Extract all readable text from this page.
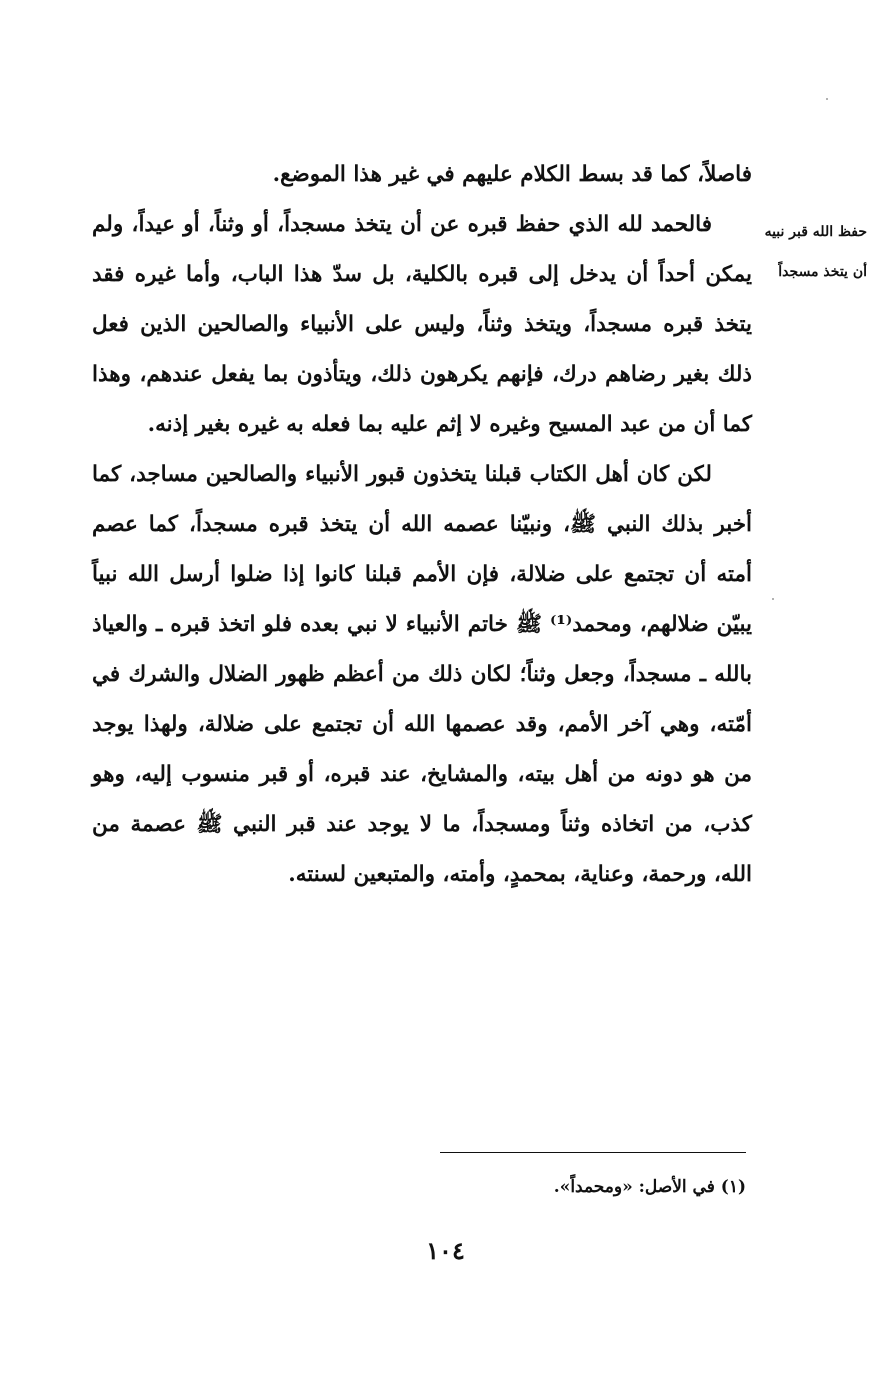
حفظ الله قبر نبيه
أن يتخذ مسجداً

فاصلاً، كما قد بسط الكلام عليهم في غير هذا الموضع.

فالحمد لله الذي حفظ قبره عن أن يتخذ مسجداً، أو وثناً، أو عيداً، ولم يمكن أحداً أن يدخل إلى قبره بالكلية، بل سدّ هذا الباب، وأما غيره فقد يتخذ قبره مسجداً، ويتخذ وثناً، وليس على الأنبياء والصالحين الذين فعل ذلك بغير رضاهم درك، فإنهم يكرهون ذلك، ويتأذون بما يفعل عندهم، وهذا كما أن من عبد المسيح وغيره لا إثم عليه بما فعله به غيره بغير إذنه.

لكن كان أهل الكتاب قبلنا يتخذون قبور الأنبياء والصالحين مساجد، كما أخبر بذلك النبي ﷺ، ونبيّنا عصمه الله أن يتخذ قبره مسجداً، كما عصم أمته أن تجتمع على ضلالة، فإن الأمم قبلنا كانوا إذا ضلوا أرسل الله نبياً يبيّن ضلالهم، ومحمد⁽¹⁾ ﷺ خاتم الأنبياء لا نبي بعده فلو اتخذ قبره ـ والعياذ بالله ـ مسجداً، وجعل وثناً؛ لكان ذلك من أعظم ظهور الضلال والشرك في أمّته، وهي آخر الأمم، وقد عصمها الله أن تجتمع على ضلالة، ولهذا يوجد من هو دونه من أهل بيته، والمشايخ، عند قبره، أو قبر منسوب إليه، وهو كذب، من اتخاذه وثناً ومسجداً، ما لا يوجد عند قبر النبي ﷺ عصمة من الله، ورحمة، وعناية، بمحمدٍ، وأمته، والمتبعين لسنته.

(١) في الأصل: «ومحمداً».
١٠٤
